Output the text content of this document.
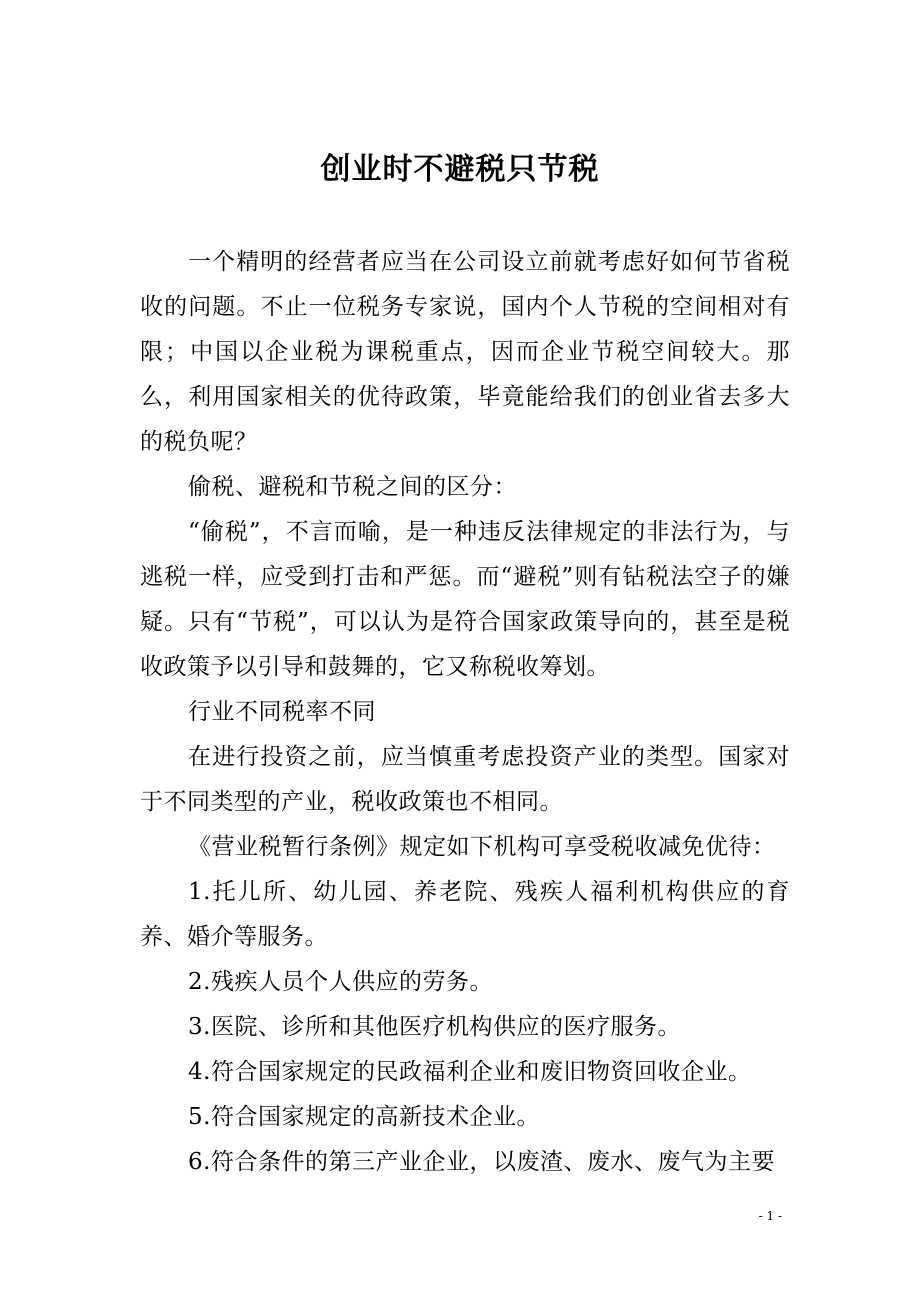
创业时不避税只节税

一个精明的经营者应当在公司设立前就考虑好如何节省税收的问题。不止一位税务专家说，国内个人节税的空间相对有限；中国以企业税为课税重点，因而企业节税空间较大。那么，利用国家相关的优待政策，毕竟能给我们的创业省去多大的税负呢？

偷税、避税和节税之间的区分：

“偷税”，不言而喻，是一种违反法律规定的非法行为，与逃税一样，应受到打击和严惩。而“避税”则有钻税法空子的嫌疑。只有“节税”，可以认为是符合国家政策导向的，甚至是税收政策予以引导和鼓舞的，它又称税收筹划。

行业不同税率不同

在进行投资之前，应当慎重考虑投资产业的类型。国家对于不同类型的产业，税收政策也不相同。

《营业税暂行条例》规定如下机构可享受税收减免优待：

1.托儿所、幼儿园、养老院、残疾人福利机构供应的育养、婚介等服务。

2.残疾人员个人供应的劳务。

3.医院、诊所和其他医疗机构供应的医疗服务。

4.符合国家规定的民政福利企业和废旧物资回收企业。

5.符合国家规定的高新技术企业。

6.符合条件的第三产业企业，以废渣、废水、废气为主要

- 1 -
